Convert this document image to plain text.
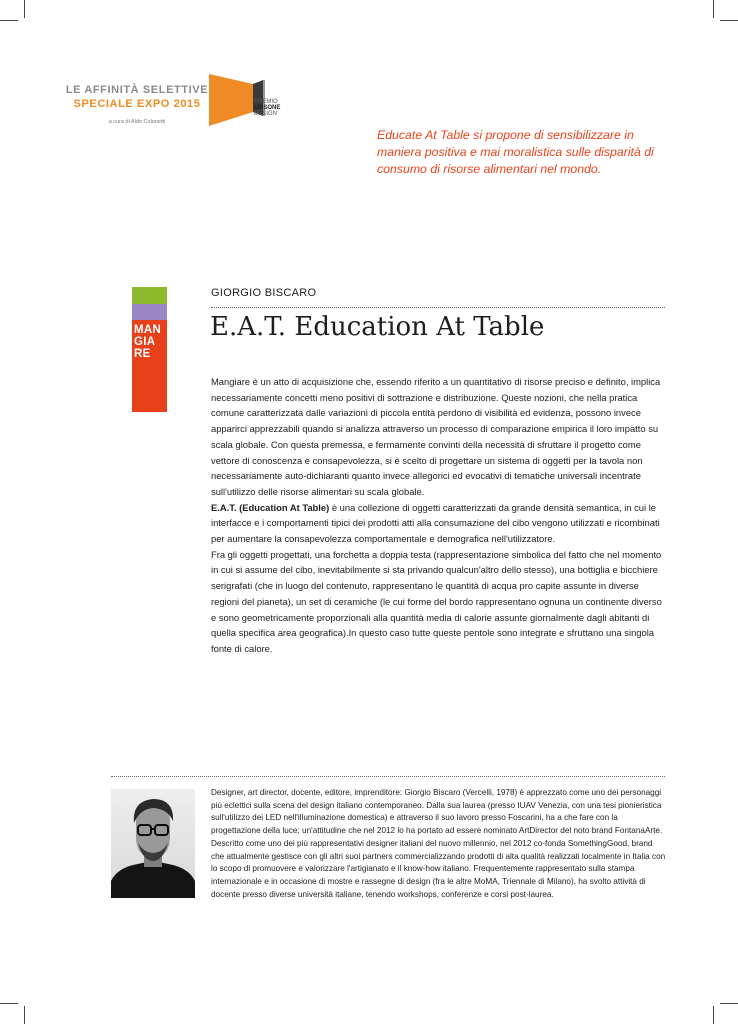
LE AFFINITÀ SELETTIVE
SPECIALE EXPO 2015
a cura di Aldo Colonetti
PREMIO
LISSONE
DESIGN
Educate At Table si propone di sensibilizzare in maniera positiva e mai moralistica sulle disparità di consumo di risorse alimentari nel mondo.
MAN GIA RE
GIORGIO BISCARO
E.A.T. Education At Table

Mangiare è un atto di acquisizione che, essendo riferito a un quantitativo di risorse preciso e definito, implica necessariamente concetti meno positivi di sottrazione e distribuzione. Queste nozioni, che nella pratica comune caratterizzata dalle variazioni di piccola entità perdono di visibilità ed evidenza, possono invece apparirci apprezzabili quando si analizza attraverso un processo di comparazione empirica il loro impatto su scala globale. Con questa premessa, e fermamente convinti della necessità di sfruttare il progetto come vettore di conoscenza e consapevolezza, si è scelto di progettare un sistema di oggetti per la tavola non necessariamente auto-dichiaranti quanto invece allegorici ed evocativi di tematiche universali incentrate sull'utilizzo delle risorse alimentari su scala globale.

E.A.T. (Education At Table) è una collezione di oggetti caratterizzati da grande densità semantica, in cui le interfacce e i comportamenti tipici dei prodotti atti alla consumazione del cibo vengono utilizzati e ricombinati per aumentare la consapevolezza comportamentale e demografica nell'utilizzatore.

Fra gli oggetti progettati, una forchetta a doppia testa (rappresentazione simbolica del fatto che nel momento in cui si assume del cibo, inevitabilmente si sta privando qualcun'altro dello stesso), una bottiglia e bicchiere serigrafati (che in luogo del contenuto, rappresentano le quantità di acqua pro capite assunte in diverse regioni del pianeta), un set di ceramiche (le cui forme del bordo rappresentano ognuna un continente diverso e sono geometricamente proporzionali alla quantità media di calorie assunte giornalmente dagli abitanti di quella specifica area geografica).In questo caso tutte queste pentole sono integrate e sfruttano una singola fonte di calore.

Designer, art director, docente, editore, imprenditore: Giorgio Biscaro (Vercelli, 1978) è apprezzato come uno dei personaggi più eclettici sulla scena del design italiano contemporaneo. Dalla sua laurea (presso IUAV Venezia, con una tesi pionieristica sull'utilizzo dei LED nell'illuminazione domestica) e attraverso il suo lavoro presso Foscarini, ha a che fare con la progettazione della luce; un'attitudine che nel 2012 lo ha portato ad essere nominato ArtDirector del noto brand FontanaArte. Descritto come uno dei più rappresentativi designer italiani del nuovo millennio, nel 2012 co-fonda SomethingGood, brand che attualmente gestisce con gli altri suoi partners commercializzando prodotti di alta qualità realizzati localmente in Italia con lo scopo di promuovere e valorizzare l'artigianato e il know-how italiano. Frequentemente rappresentato sulla stampa internazionale e in occasione di mostre e rassegne di design (fra le altre MoMA, Triennale di Milano), ha svolto attività di docente presso diverse università italiane, tenendo workshops, conferenze e corsi post-laurea.
